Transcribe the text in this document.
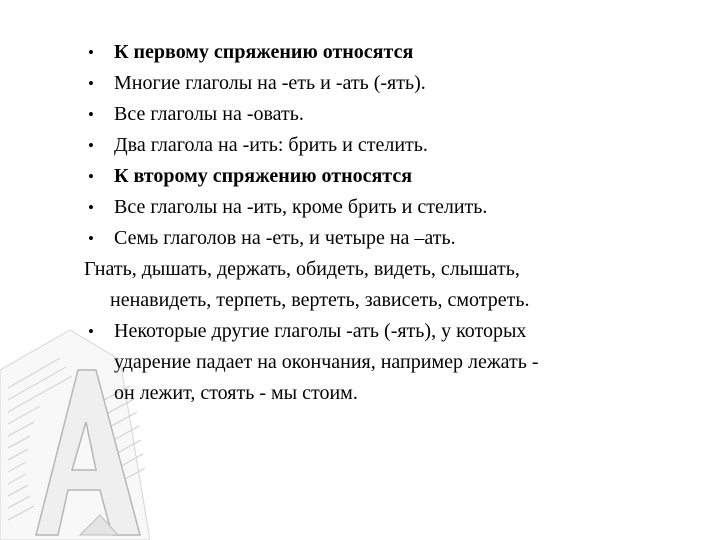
• К первому спряжению относятся
• Многие глаголы на -еть и -ать (-ять).
• Все глаголы на -овать.
• Два глагола на -ить: брить и стелить.
• К второму спряжению относятся
• Все глаголы на -ить, кроме брить и стелить.
• Семь глаголов на -еть, и четыре на –ать.
Гнать, дышать, держать, обидеть, видеть, слышать,
ненавидеть, терпеть, вертеть, зависеть, смотреть.
• Некоторые другие глаголы -ать (-ять), у которых
ударение падает на окончания, например лежать -
он лежит, стоять - мы стоим.
